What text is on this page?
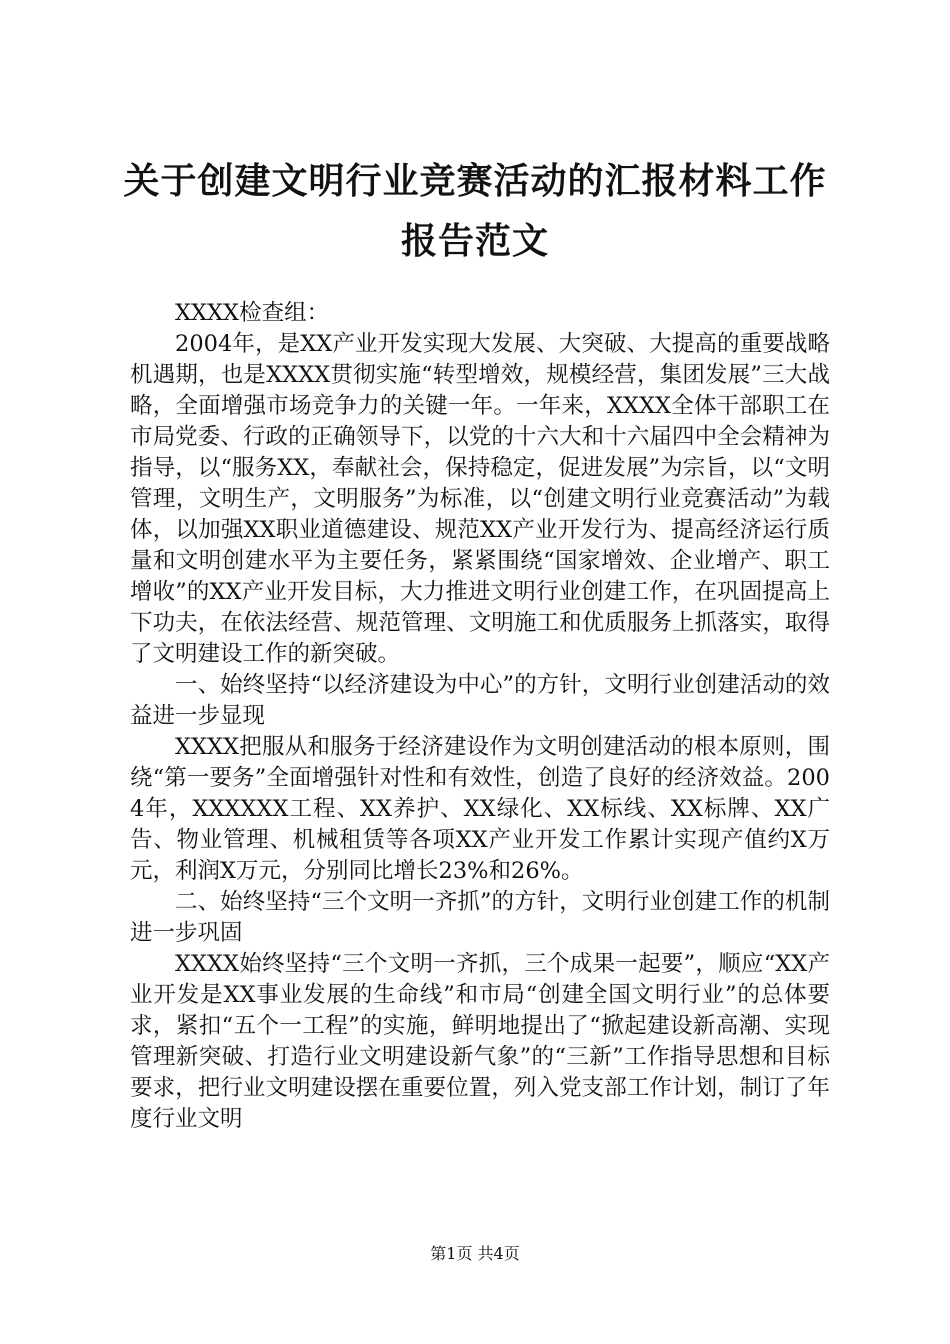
关于创建文明行业竞赛活动的汇报材料工作报告范文

XXXX检查组：

2004年，是XX产业开发实现大发展、大突破、大提高的重要战略机遇期，也是XXXX贯彻实施“转型增效，规模经营，集团发展”三大战略，全面增强市场竞争力的关键一年。一年来，XXXX全体干部职工在市局党委、行政的正确领导下，以党的十六大和十六届四中全会精神为指导，以“服务XX，奉献社会，保持稳定，促进发展”为宗旨，以“文明管理，文明生产，文明服务”为标准，以“创建文明行业竞赛活动”为载体，以加强XX职业道德建设、规范XX产业开发行为、提高经济运行质量和文明创建水平为主要任务，紧紧围绕“国家增效、企业增产、职工增收”的XX产业开发目标，大力推进文明行业创建工作，在巩固提高上下功夫，在依法经营、规范管理、文明施工和优质服务上抓落实，取得了文明建设工作的新突破。

一、始终坚持“以经济建设为中心”的方针，文明行业创建活动的效益进一步显现

XXXX把服从和服务于经济建设作为文明创建活动的根本原则，围绕“第一要务”全面增强针对性和有效性，创造了良好的经济效益。2004年，XXXXXX工程、XX养护、XX绿化、XX标线、XX标牌、XX广告、物业管理、机械租赁等各项XX产业开发工作累计实现产值约X万元，利润X万元，分别同比增长23%和26%。

二、始终坚持“三个文明一齐抓”的方针，文明行业创建工作的机制进一步巩固

XXXX始终坚持“三个文明一齐抓，三个成果一起要”，顺应“XX产业开发是XX事业发展的生命线”和市局“创建全国文明行业”的总体要求，紧扣“五个一工程”的实施，鲜明地提出了“掀起建设新高潮、实现管理新突破、打造行业文明建设新气象”的“三新”工作指导思想和目标要求，把行业文明建设摆在重要位置，列入党支部工作计划，制订了年度行业文明

第1页 共4页
